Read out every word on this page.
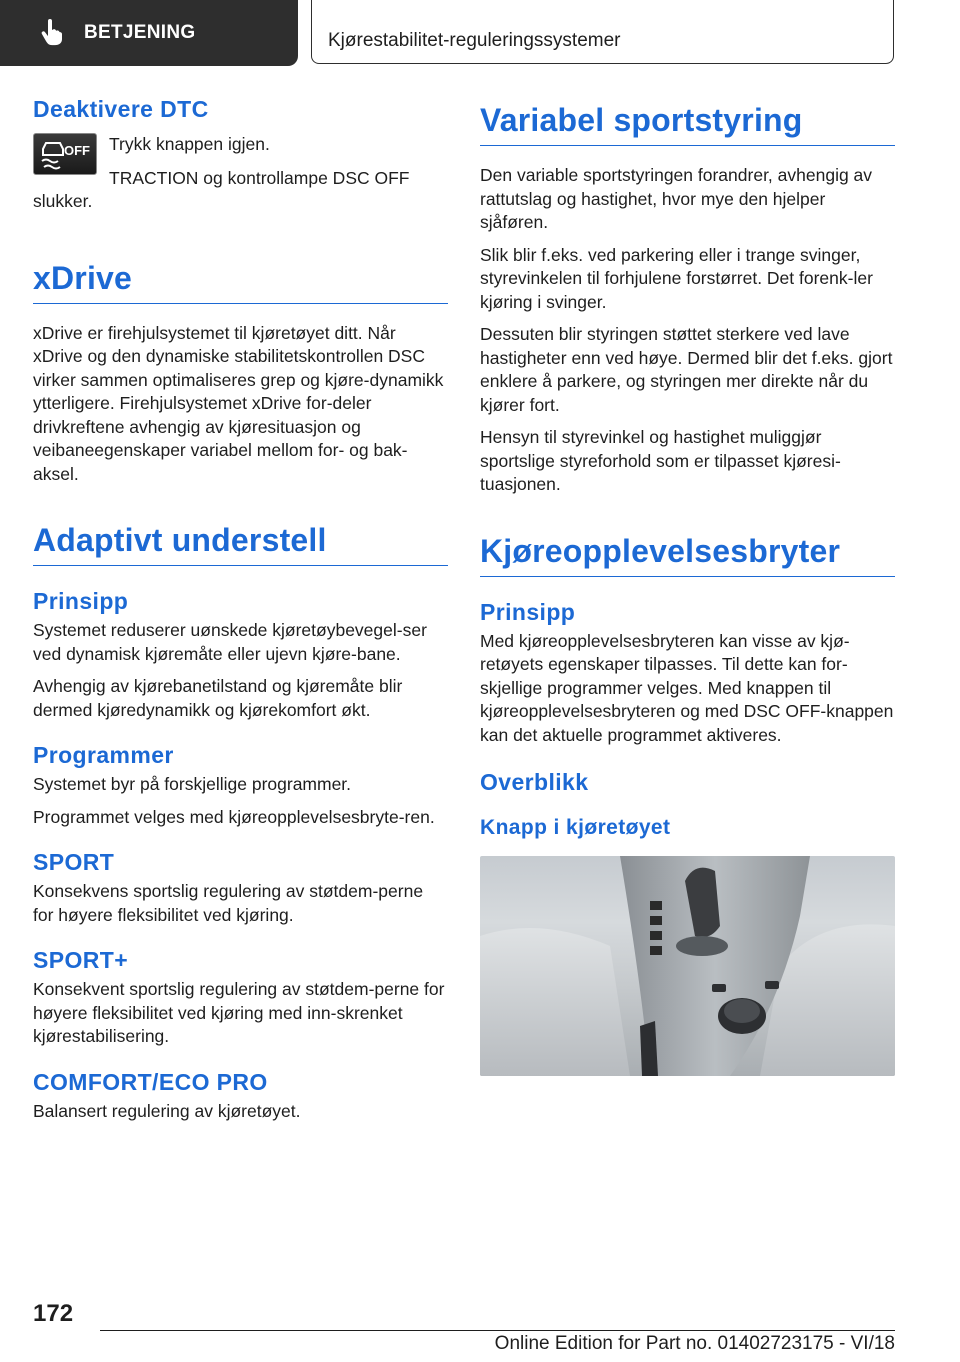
BETJENING	Kjørestabilitet-reguleringssystemer
Deaktivere DTC
OFF Trykk knappen igjen.

TRACTION og kontrollampe DSC OFF

slukker.

xDrive

xDrive er firehjulsystemet til kjøretøyet ditt. Når xDrive og den dynamiske stabilitetskontrollen DSC virker sammen optimaliseres grep og kjøre-dynamikk ytterligere. Firehjulsystemet xDrive for-deler drivkreftene avhengig av kjøresituasjon og veibaneegenskaper variabel mellom for- og bak-aksel.

Adaptivt understell
Prinsipp

Systemet reduserer uønskede kjøretøybevegel-ser ved dynamisk kjøremåte eller ujevn kjøre-bane.

Avhengig av kjørebanetilstand og kjøremåte blir dermed kjøredynamikk og kjørekomfort økt.

Programmer

Systemet byr på forskjellige programmer.

Programmet velges med kjøreopplevelsesbryte-ren.

SPORT

Konsekvens sportslig regulering av støtdem-perne for høyere fleksibilitet ved kjøring.

SPORT+

Konsekvent sportslig regulering av støtdem-perne for høyere fleksibilitet ved kjøring med inn-skrenket kjørestabilisering.

COMFORT/ECO PRO

Balansert regulering av kjøretøyet.

Variabel sportstyring

Den variable sportstyringen forandrer, avhengig av rattutslag og hastighet, hvor mye den hjelper sjåføren.

Slik blir f.eks. ved parkering eller i trange svinger, styrevinkelen til forhjulene forstørret. Det forenk-ler kjøring i svinger.

Dessuten blir styringen støttet sterkere ved lave hastigheter enn ved høye. Dermed blir det f.eks. gjort enklere å parkere, og styringen mer direkte når du kjører fort.

Hensyn til styrevinkel og hastighet muliggjør sportslige styreforhold som er tilpasset kjøresi-tuasjonen.

Kjøreopplevelsesbryter
Prinsipp

Med kjøreopplevelsesbryteren kan visse av kjø-retøyets egenskaper tilpasses. Til dette kan for-skjellige programmer velges. Med knappen til kjøreopplevelsesbryteren og med DSC OFF-knappen kan det aktuelle programmet aktiveres.

Overblikk
Knapp i kjøretøyet
172
Online Edition for Part no. 01402723175 - VI/18
